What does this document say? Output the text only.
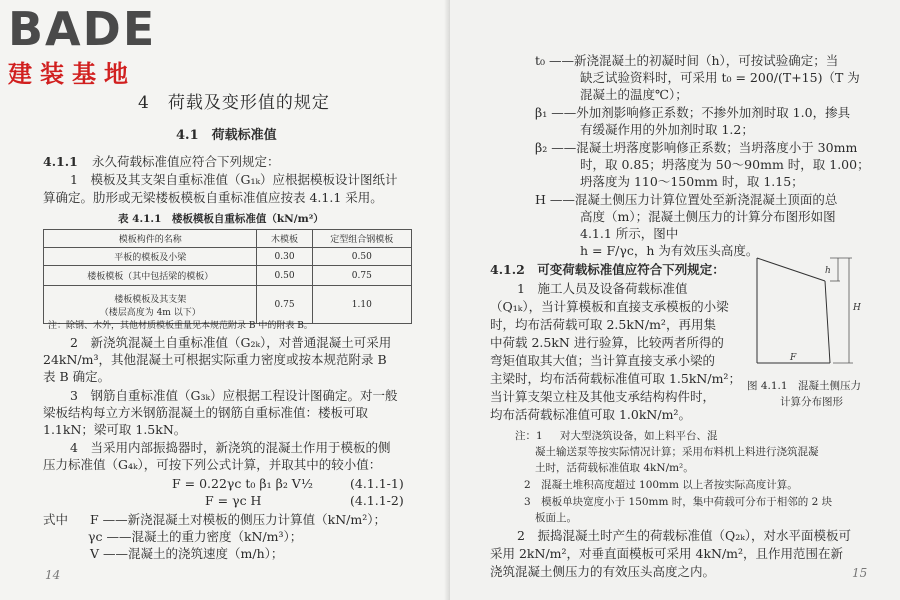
BADE
建装基地
4　荷载及变形值的规定
4.1　荷载标准值
4.1.1 永久荷载标准值应符合下列规定：
1　模板及其支架自重标准值（G₁ₖ）应根据模板设计图纸计
算确定。肋形或无梁楼板模板自重标准值应按表 4.1.1 采用。
表 4.1.1　楼板模板自重标准值（kN/m²）
模板构件的名称	木模板	定型组合钢模板
平板的模板及小梁	0.30	0.50
楼板模板（其中包括梁的模板）	0.50	0.75

楼板模板及其支架
（楼层高度为 4m 以下）	0.75	1.10
注：除钢、木外，其他材质模板重量见本规范附录 B 中的附表 B。
2　新浇筑混凝土自重标准值（G₂ₖ），对普通混凝土可采用
24kN/m³，其他混凝土可根据实际重力密度或按本规范附录 B
表 B 确定。
3　钢筋自重标准值（G₃ₖ）应根据工程设计图确定。对一般
梁板结构每立方米钢筋混凝土的钢筋自重标准值：楼板可取
1.1kN；梁可取 1.5kN。
4　当采用内部振捣器时，新浇筑的混凝土作用于模板的侧
压力标准值（G₄ₖ），可按下列公式计算，并取其中的较小值：
F = 0.22γc t₀ β₁ β₂ V½	(4.1.1-1)
F = γc H	(4.1.1-2)
式中 F ——新浇混凝土对模板的侧压力计算值（kN/m²）；
γc ——混凝土的重力密度（kN/m³）；
V ——混凝土的浇筑速度（m/h）；
14
t₀ ——新浇混凝土的初凝时间（h），可按试验确定；当
缺乏试验资料时，可采用 t₀ = 200/(T+15)（T 为
混凝土的温度℃）；
β₁ ——外加剂影响修正系数；不掺外加剂时取 1.0，掺具
有缓凝作用的外加剂时取 1.2；
β₂ ——混凝土坍落度影响修正系数；当坍落度小于 30mm
时，取 0.85；坍落度为 50～90mm 时，取 1.00；
坍落度为 110～150mm 时，取 1.15；
H ——混凝土侧压力计算位置处至新浇混凝土顶面的总
高度（m）；混凝土侧压力的计算分布图形如图
4.1.1 所示，图中
h = F/γc，h 为有效压头高度。
4.1.2　可变荷载标准值应符合下列规定：
1　施工人员及设备荷载标准值
（Q₁ₖ），当计算模板和直接支承模板的小梁
时，均布活荷载可取 2.5kN/m²，再用集
中荷载 2.5kN 进行验算，比较两者所得的
弯矩值取其大值；当计算直接支承小梁的
主梁时，均布活荷载标准值可取 1.5kN/m²；
当计算支架立柱及其他支承结构构件时，
均布活荷载标准值可取 1.0kN/m²。
图 4.1.1　混凝土侧压力
计算分布图形
注：1 对大型浇筑设备，如上料平台、混
凝土输送泵等按实际情况计算；采用布料机上料进行浇筑混凝
土时，活荷载标准值取 4kN/m²。
2　混凝土堆积高度超过 100mm 以上者按实际高度计算。
3　模板单块宽度小于 150mm 时，集中荷载可分布于相邻的 2 块
板面上。
2　振捣混凝土时产生的荷载标准值（Q₂ₖ），对水平面模板可
采用 2kN/m²，对垂直面模板可采用 4kN/m²，且作用范围在新
浇筑混凝土侧压力的有效压头高度之内。	15
h
H
F
